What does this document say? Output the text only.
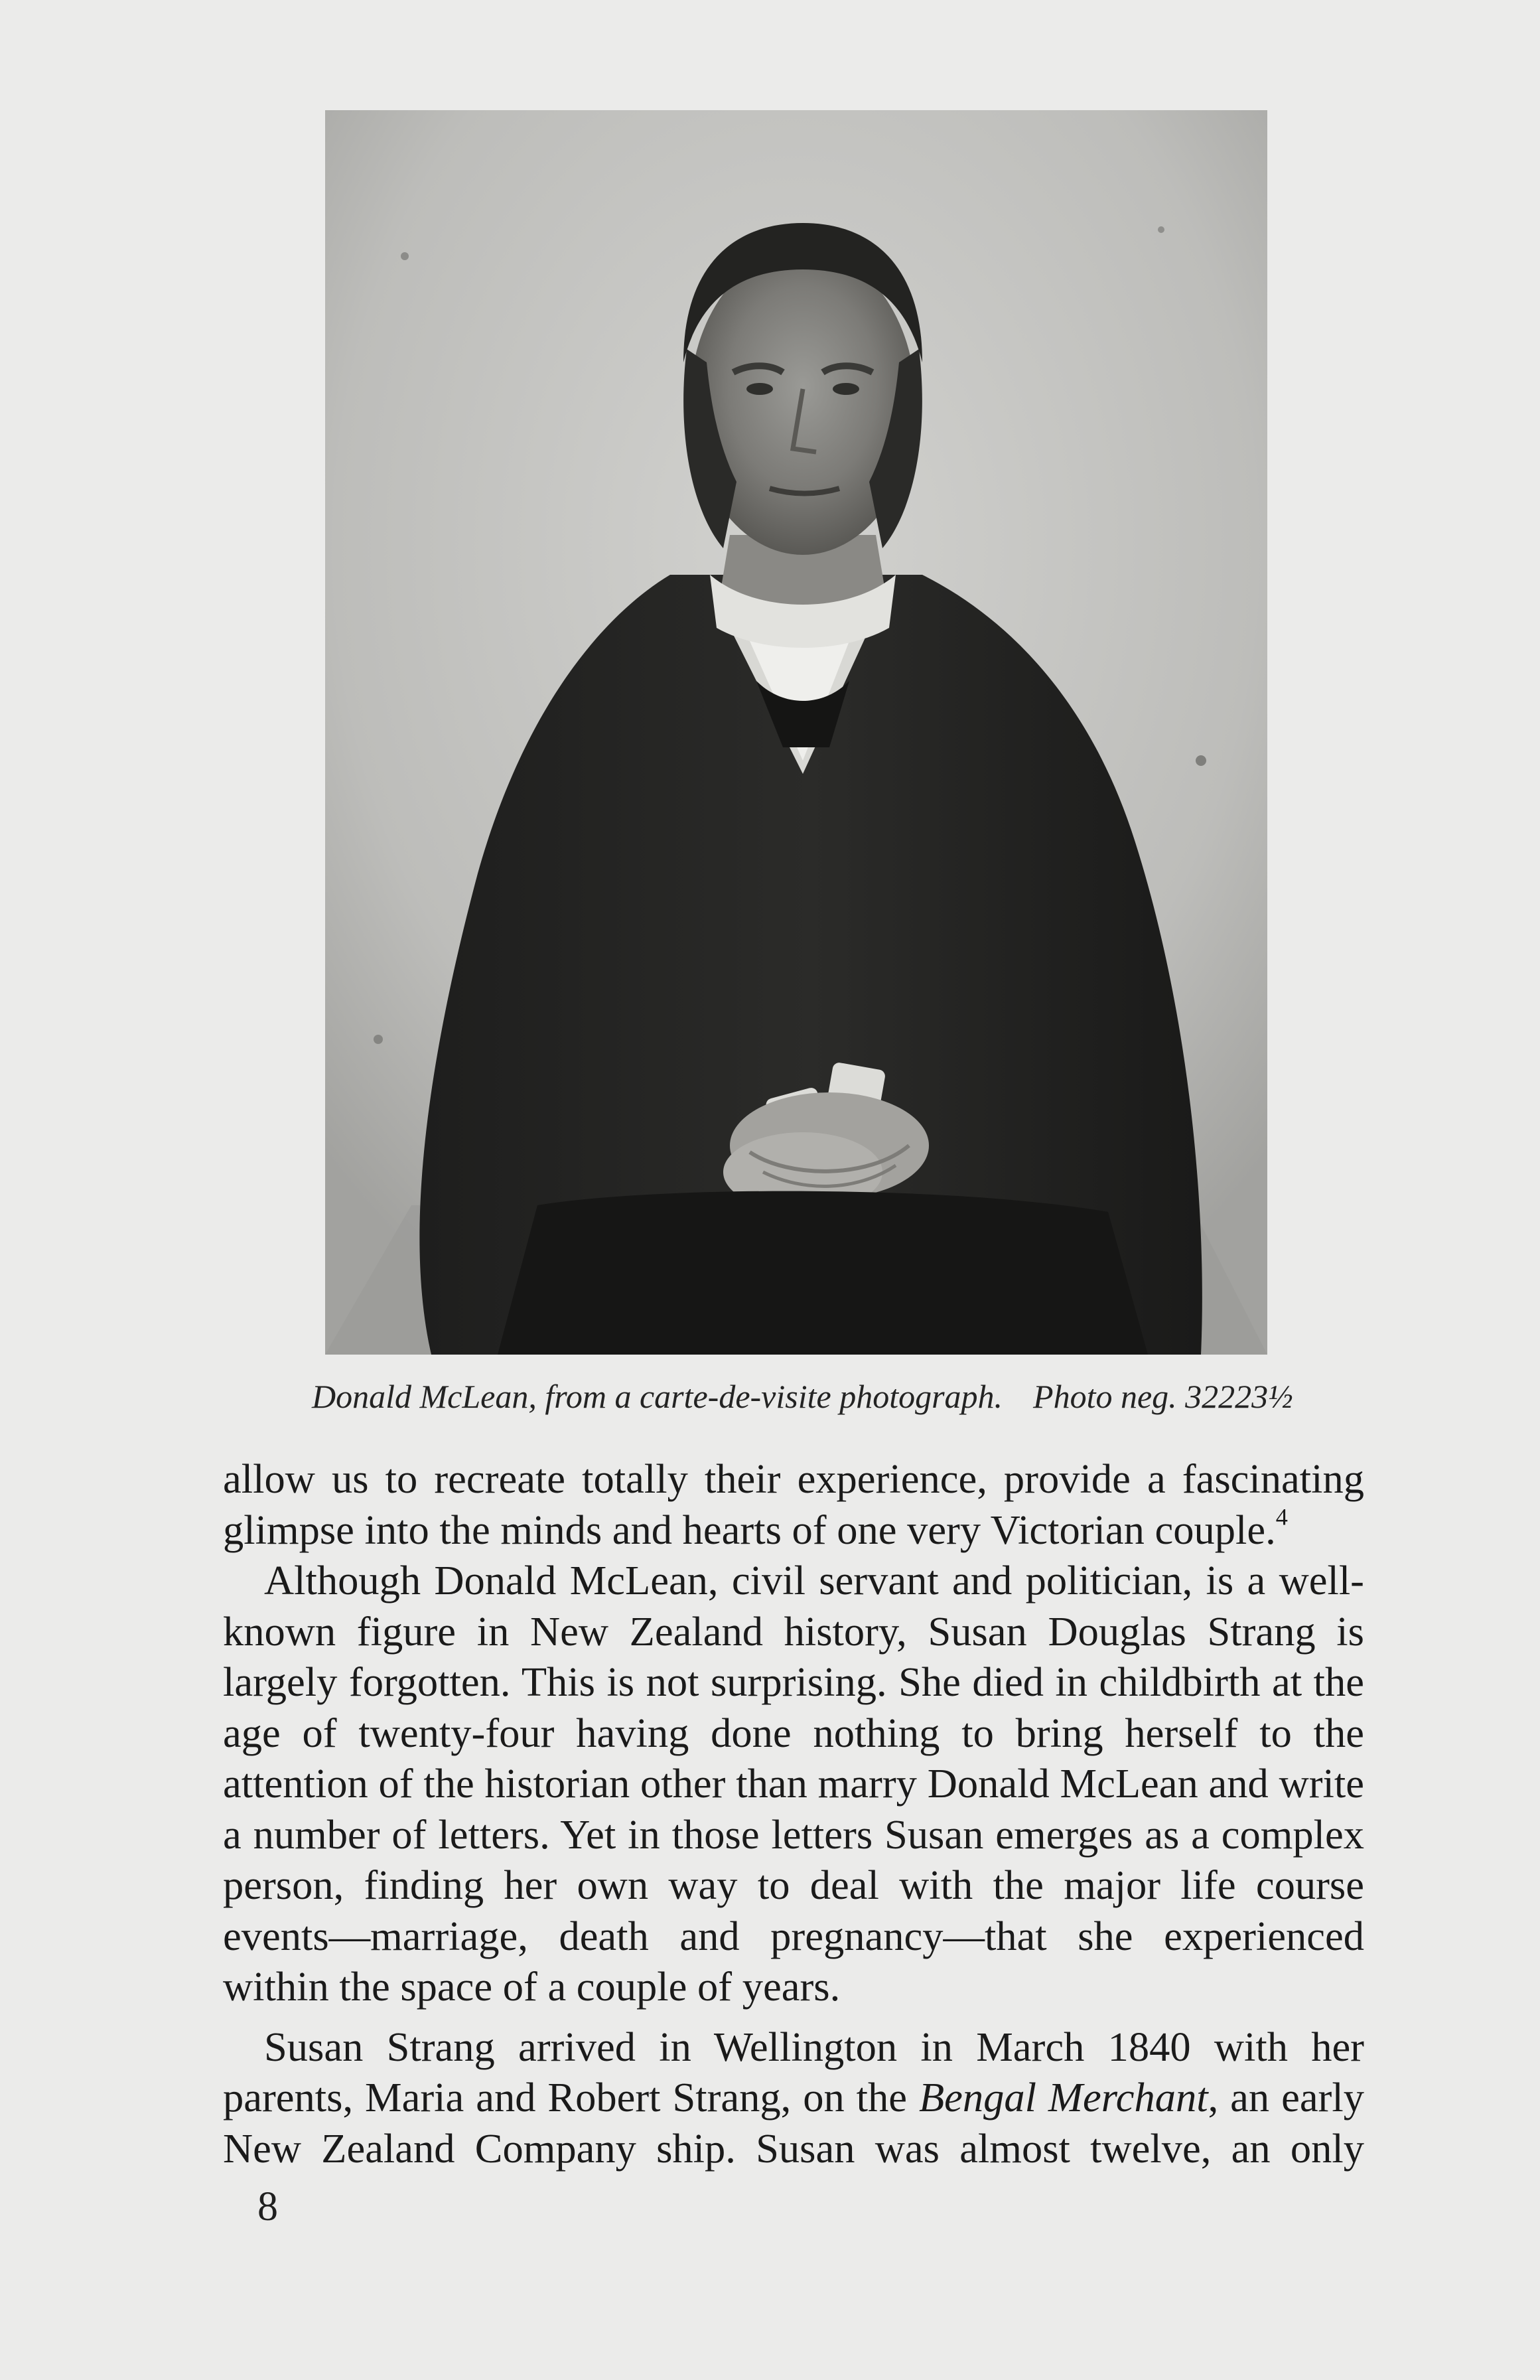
Donald McLean, from a carte-de-visite photograph. Photo neg. 32223½

allow us to recreate totally their experience, provide a fascinating

glimpse into the minds and hearts of one very Victorian couple.$^4$

Although Donald McLean, civil servant and politician, is a well-known figure in New Zealand history, Susan Douglas Strang is largely forgotten. This is not surprising. She died in childbirth at the age of twenty-four having done nothing to bring herself to the attention of the historian other than marry Donald McLean and write a number of letters. Yet in those letters Susan emerges as a complex person, finding her own way to deal with the major life course events—marriage, death and pregnancy—that she experienced within the space of a couple of years.

Susan Strang arrived in Wellington in March 1840 with her parents, Maria and Robert Strang, on the Bengal Merchant, an early New Zealand Company ship. Susan was almost twelve, an only

8
